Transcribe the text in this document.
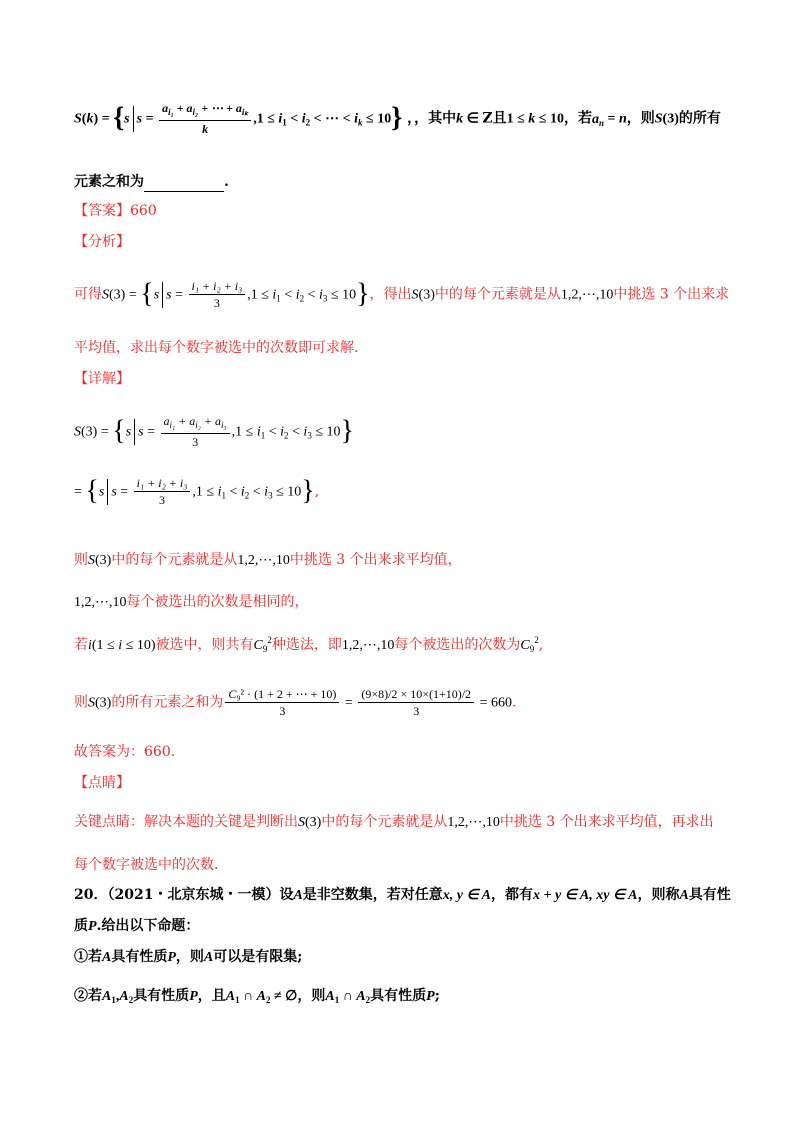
S(k) = {s $s = \frac{a_{i_1} + a_{i_2} + \cdots + a_{i_k}}{k} ,1 \le i_1 < i_2$ < ⋯ < $i_k \le 10$} ，，其中k ∈ Z且1 ≤ k ≤ 10，若$a_n = n$，则S(3)的所有
元素之和为	.
【答案】660
【分析】
可得S(3) = {s $s = \frac{\text{i₁ + i₂ + i₃}}{3} ,1 \le i_1 < i_2 < i_3 \le 10$}，得出S(3)中的每个元素就是从1,2,⋯,10中挑选 3 个出来求
平均值，求出每个数字被选中的次数即可求解.
【详解】
S(3) = {s $s = \frac{a_{i_1} + a_{i_2} + a_{i_3}}{3} ,1 \le i_1 < i_2 < i_3 \le 10$}
= {s $s = \frac{\text{i₁ + i₂ + i₃}}{3} ,1 \le i_1 < i_2 < i_3 \le 10$},
则S(3)中的每个元素就是从1,2,⋯,10中挑选 3 个出来求平均值，
1,2,⋯,10每个被选出的次数是相同的，
若i(1 ≤ i ≤ 10)被选中，则共有$C_9^2$种选法，即1,2,⋯,10每个被选出的次数为$C_9^2$,
则S(3)的所有元素之和为 $\frac{\text{C₉² · (1 + 2 + ⋯ + 10)}}{3} = \frac{(9\times 8)/2 \times 10\times(1+10)/2}{3} = 660$.
故答案为：660.
【点睛】
关键点睛：解决本题的关键是判断出S(3)中的每个元素就是从1,2,⋯,10中挑选 3 个出来求平均值，再求出
每个数字被选中的次数.
20．（2021・北京东城・一模）设A是非空数集，若对任意x, y ∈ A，都有x + y ∈ A, xy ∈ A，则称A具有性
质P.给出以下命题：
①若A具有性质P，则A可以是有限集;
②若$A_1,A_2$具有性质P，且$A_1$ ∩ $A_2$ ≠ ∅，则$A_1$ ∩ $A_2$具有性质P;
